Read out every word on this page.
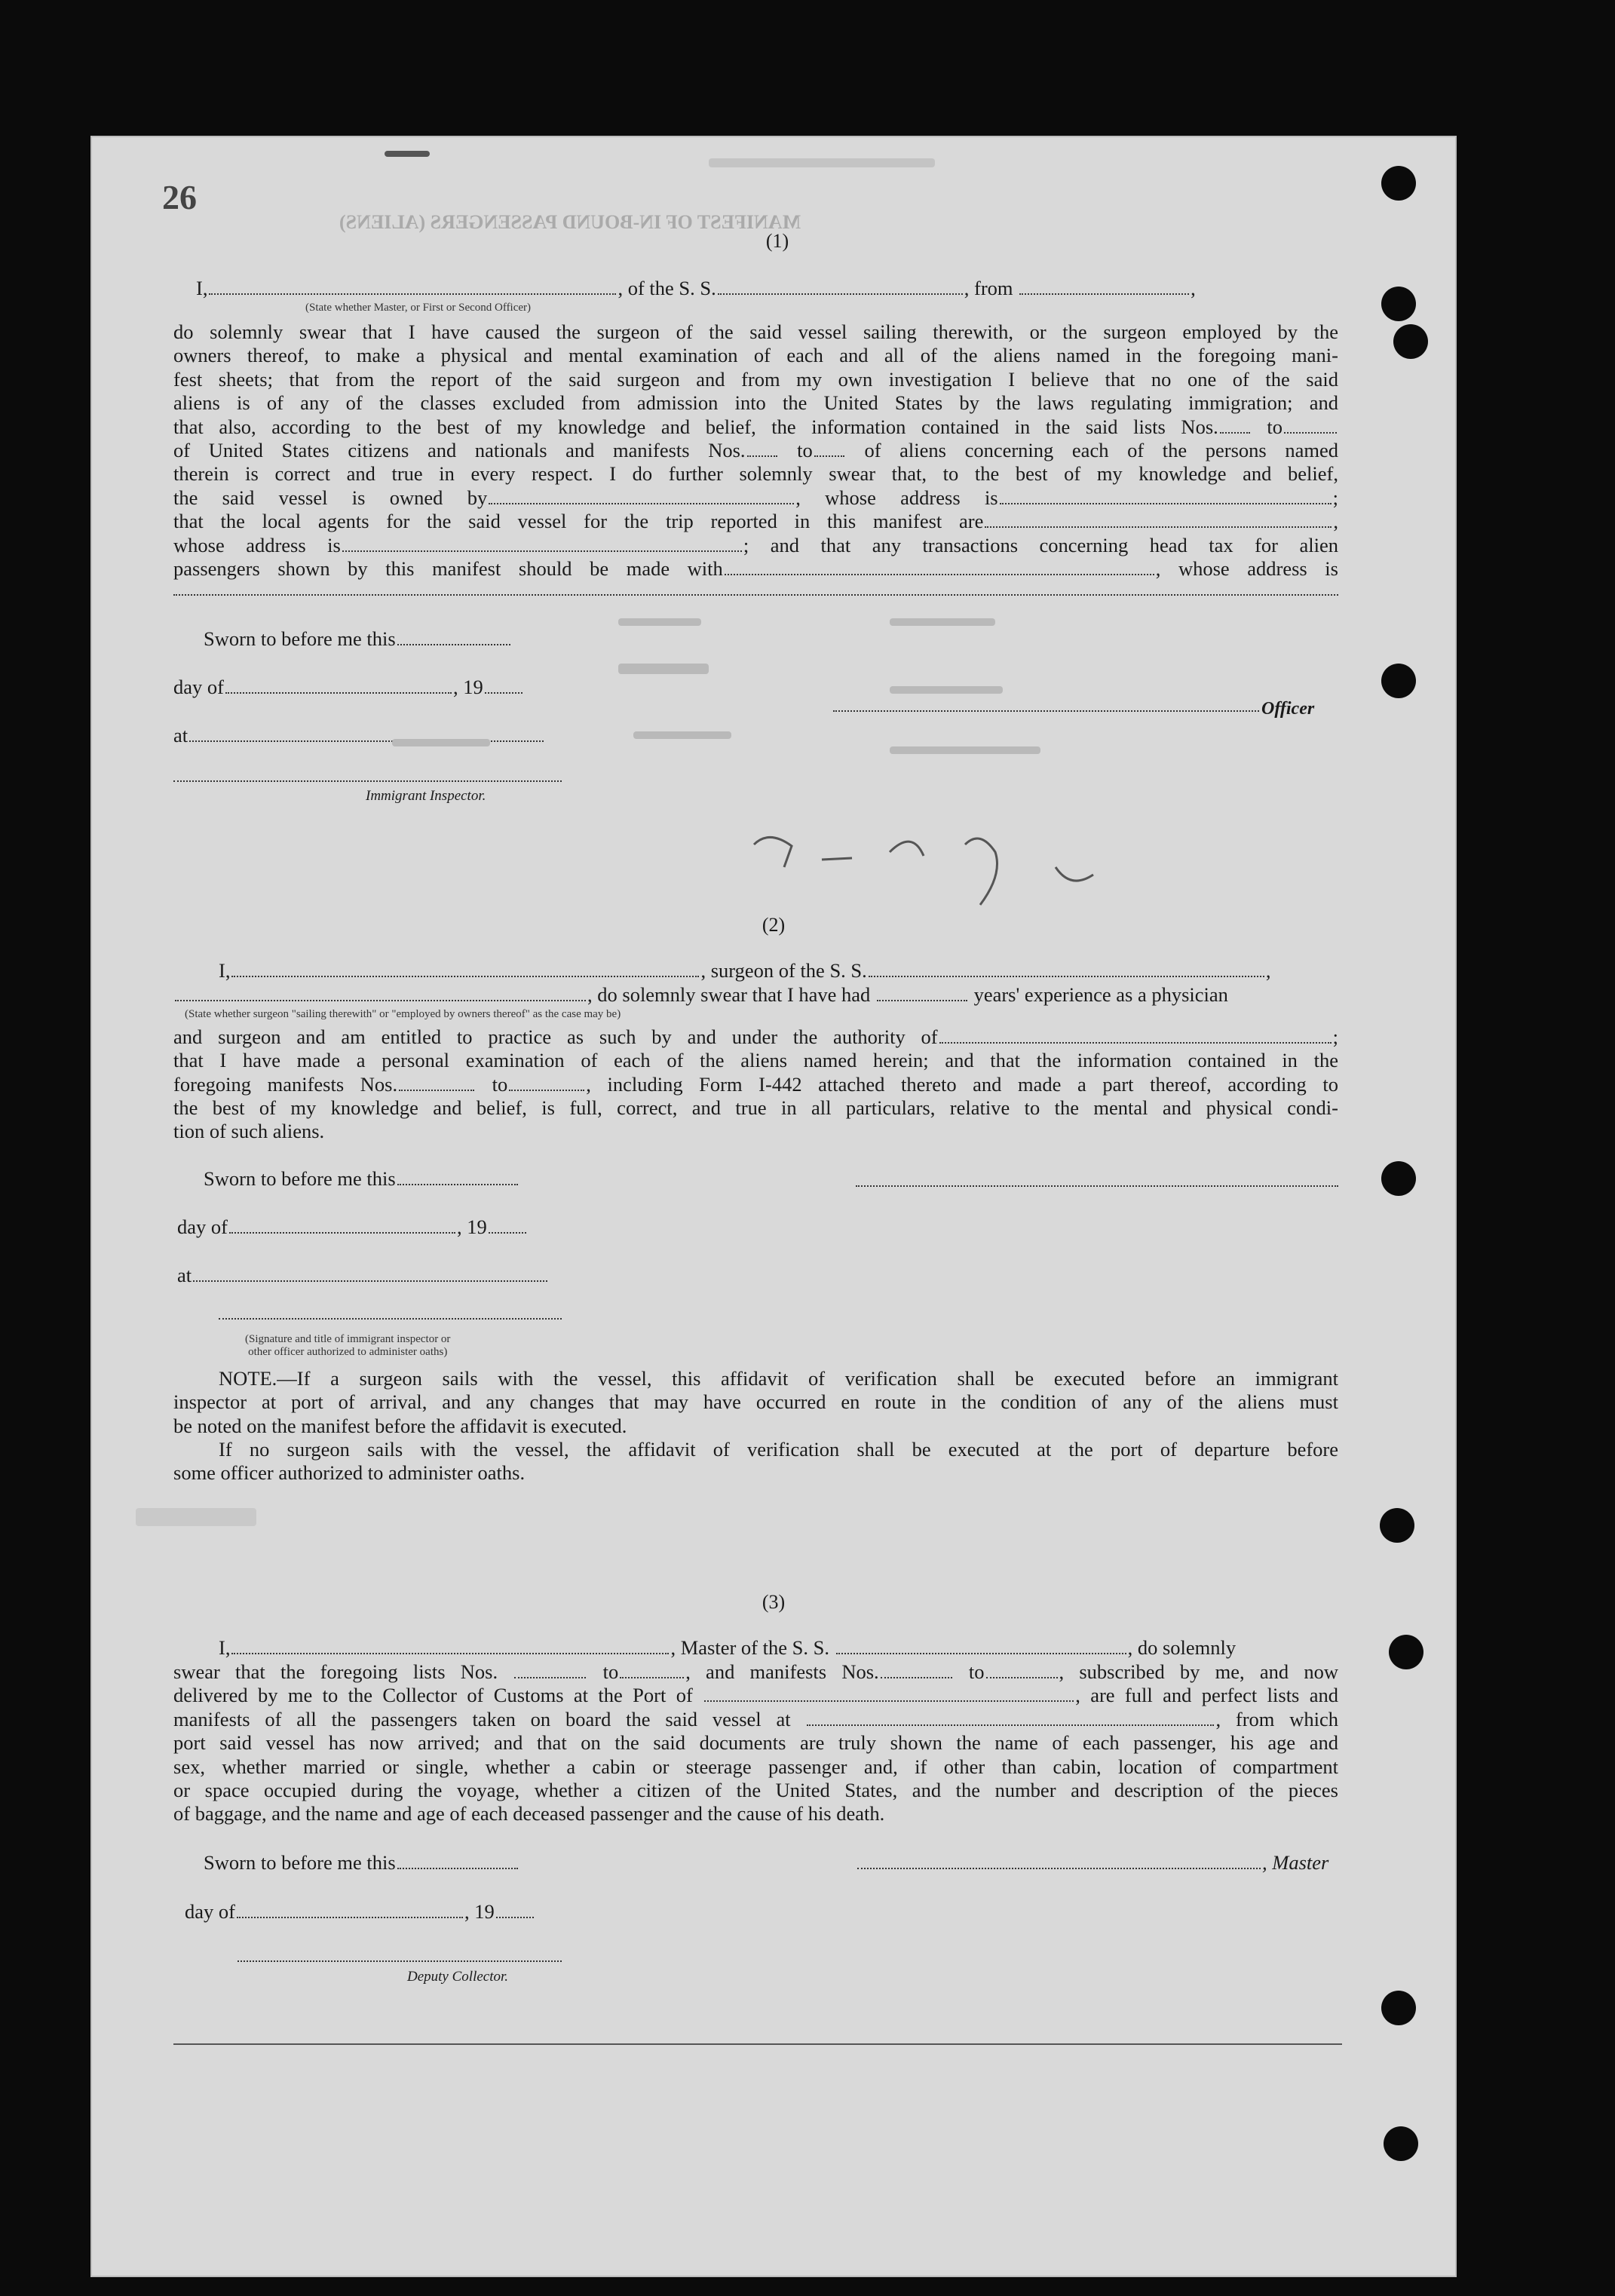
26
MANIFEST OF IN-BOUND PASSENGERS (ALIENS)
(1)
I,	, of the S. S.	, from	,
(State whether Master, or First or Second Officer)
do solemnly swear that I have caused the surgeon of the said vessel sailing therewith, or the surgeon employed by the
owners thereof, to make a physical and mental examination of each and all of the aliens named in the foregoing mani-
fest sheets; that from the report of the said surgeon and from my own investigation I believe that no one of the said
aliens is of any of the classes excluded from admission into the United States by the laws regulating immigration; and
that also, according to the best of my knowledge and belief, the information contained in the said lists Nos. to
of United States citizens and nationals and manifests Nos.	to	of aliens concerning each of the persons named
therein is correct and true in every respect. I do further solemnly swear that, to the best of my knowledge and belief,
the said vessel is owned by	, whose address is	;
that the local agents for the said vessel for the trip reported in this manifest are	,
whose address is	; and that any transactions concerning head tax for alien
passengers shown by this manifest should be made with	, whose address is
Sworn to before me this
day of	, 19
at
Immigrant Inspector.
Officer
(2)
I,	, surgeon of the S. S.	,
, do solemnly swear that I have had	years' experience as a physician
(State whether surgeon "sailing therewith" or "employed by owners thereof" as the case may be)
and surgeon and am entitled to practice as such by and under the authority of	;
that I have made a personal examination of each of the aliens named herein; and that the information contained in the
foregoing manifests Nos.	to	, including Form I-442 attached thereto and made a part thereof, according to
the best of my knowledge and belief, is full, correct, and true in all particulars, relative to the mental and physical condi-
tion of such aliens.
Sworn to before me this
day of	, 19
at
(Signature and title of immigrant inspector or
other officer authorized to administer oaths)
NOTE.—If a surgeon sails with the vessel, this affidavit of verification shall be executed before an immigrant
inspector at port of arrival, and any changes that may have occurred en route in the condition of any of the aliens must
be noted on the manifest before the affidavit is executed.
If no surgeon sails with the vessel, the affidavit of verification shall be executed at the port of departure before
some officer authorized to administer oaths.
(3)
I,	, Master of the S. S.	, do solemnly
swear that the foregoing lists Nos.	to	, and manifests Nos.	to	, subscribed by me, and now
delivered by me to the Collector of Customs at the Port of	, are full and perfect lists and
manifests of all the passengers taken on board the said vessel at	, from which
port said vessel has now arrived; and that on the said documents are truly shown the name of each passenger, his age and
sex, whether married or single, whether a cabin or steerage passenger and, if other than cabin, location of compartment
or space occupied during the voyage, whether a citizen of the United States, and the number and description of the pieces
of baggage, and the name and age of each deceased passenger and the cause of his death.
Sworn to before me this	, Master
day of	, 19
Deputy Collector.
